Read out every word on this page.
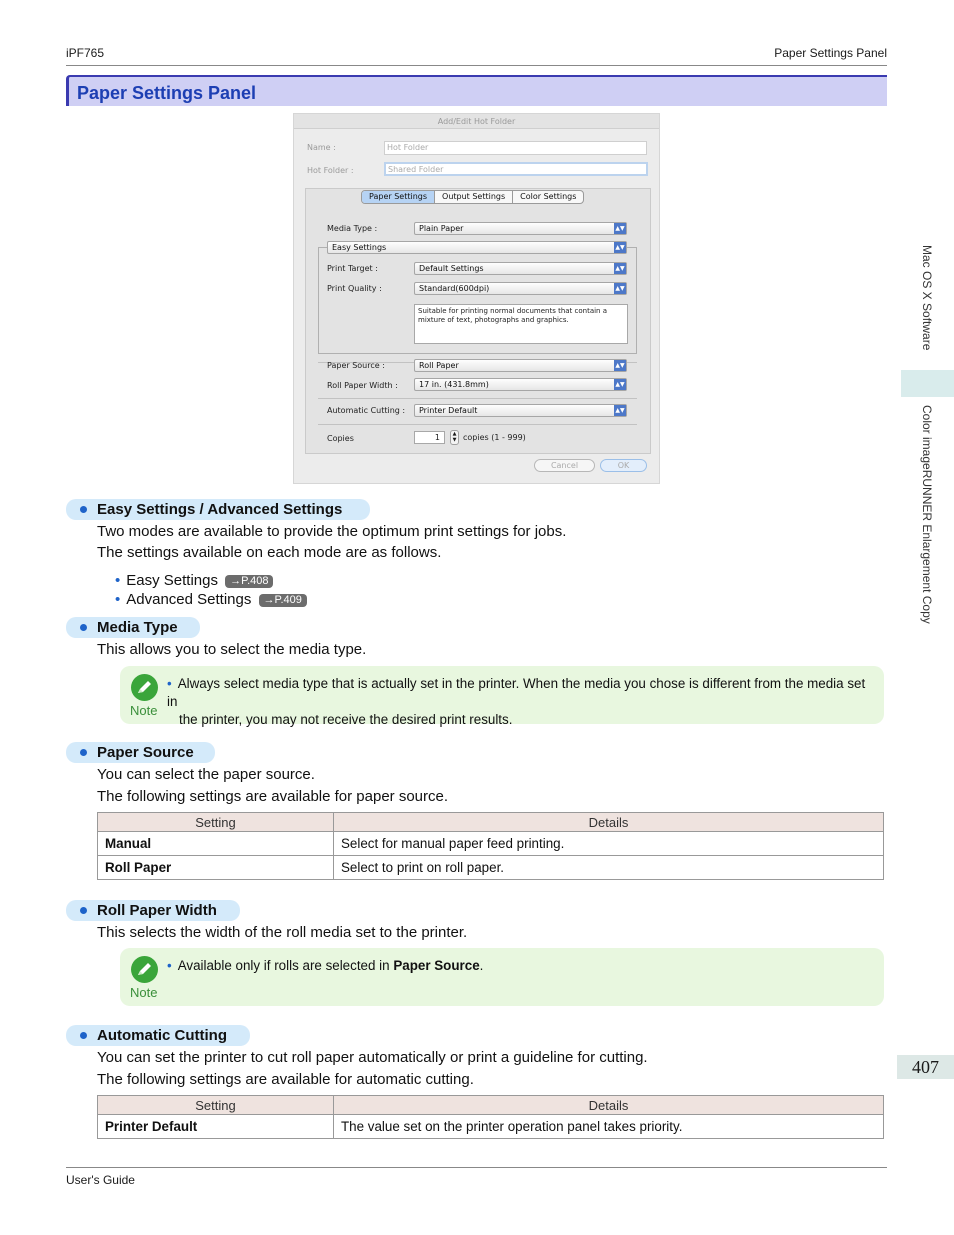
iPF765	Paper Settings Panel
Paper Settings Panel
Mac OS X Software
Color imageRUNNER Enlargement Copy
407
Add/Edit Hot Folder
Name :	Hot Folder
Hot Folder :	Shared Folder
Paper Settings	Output Settings	Color Settings
Media Type :	Plain Paper	▲▼
Easy Settings	▲▼
Print Target :	Default Settings	▲▼
Print Quality :	Standard(600dpi)	▲▼
Suitable for printing normal documents that contain a mixture of text, photographs and graphics.
Paper Source :	Roll Paper	▲▼
Roll Paper Width :	17 in. (431.8mm)	▲▼
Automatic Cutting :	Printer Default	▲▼
Copies	1	▲
▼ copies (1 - 999)
Cancel	OK
Easy Settings / Advanced Settings
Two modes are available to provide the optimum print settings for jobs.
The settings available on each mode are as follows.
• Easy Settings →P.408
• Advanced Settings →P.409
Media Type
This allows you to select the media type.
Note
• Always select media type that is actually set in the printer. When the media you chose is different from the media set in
the printer, you may not receive the desired print results.
Paper Source
You can select the paper source.
The following settings are available for paper source.
Setting	Details
Manual	Select for manual paper feed printing.
Roll Paper	Select to print on roll paper.
Roll Paper Width
This selects the width of the roll media set to the printer.
Note
• Available only if rolls are selected in Paper Source.
Automatic Cutting
You can set the printer to cut roll paper automatically or print a guideline for cutting.
The following settings are available for automatic cutting.
Setting	Details
Printer Default	The value set on the printer operation panel takes priority.
User's Guide
